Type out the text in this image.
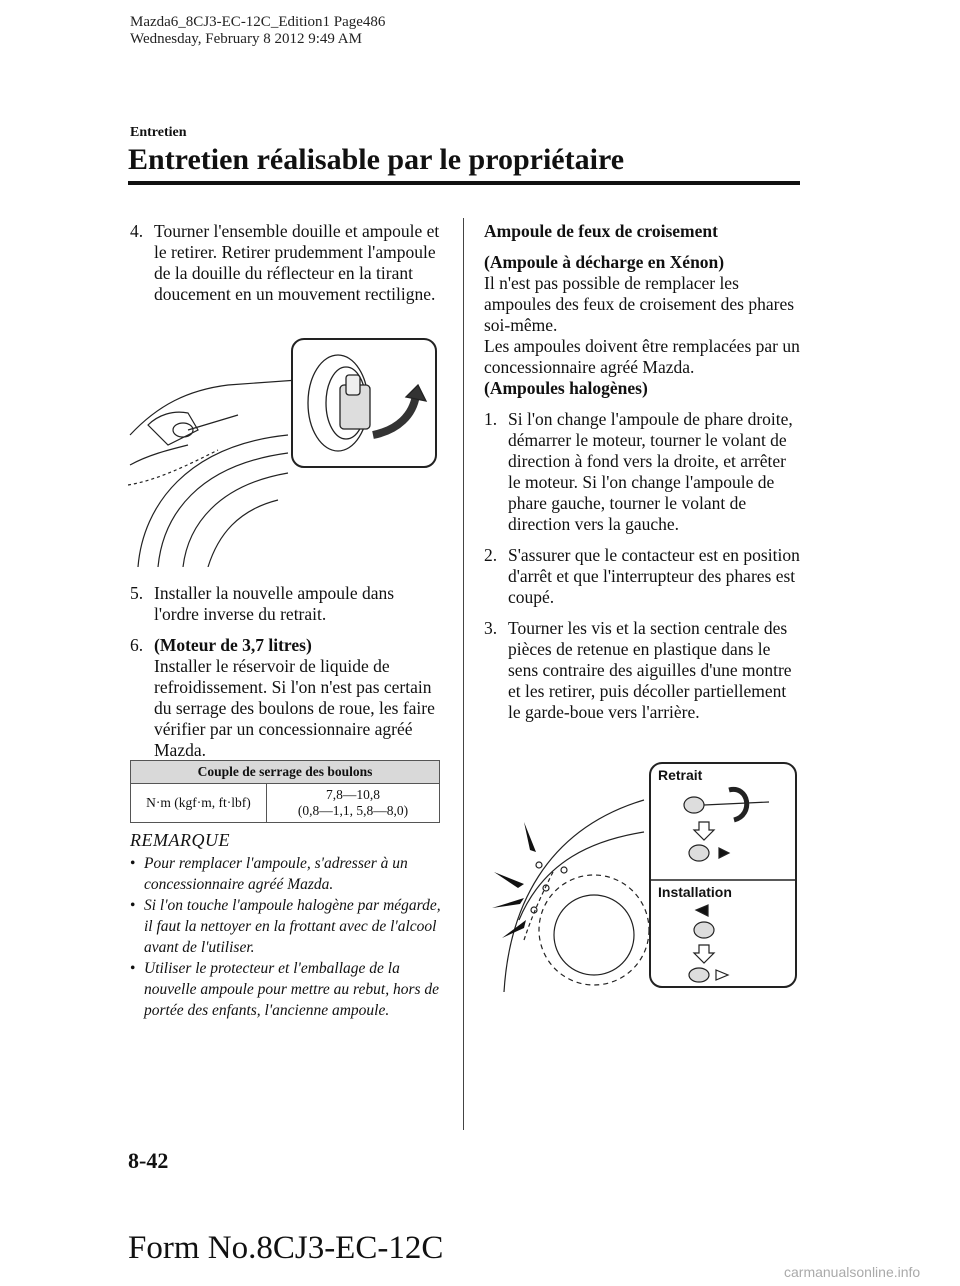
Mazda6_8CJ3-EC-12C_Edition1 Page486
Wednesday, February 8 2012 9:49 AM
Entretien
Entretien réalisable par le propriétaire
4. Tourner l'ensemble douille et ampoule et le retirer. Retirer prudemment l'ampoule de la douille du réflecteur en la tirant doucement en un mouvement rectiligne.
5. Installer la nouvelle ampoule dans l'ordre inverse du retrait.
6. (Moteur de 3,7 litres)
Installer le réservoir de liquide de refroidissement. Si l'on n'est pas certain du serrage des boulons de roue, les faire vérifier par un concessionnaire agréé Mazda.
Couple de serrage des boulons
N·m (kgf·m, ft·lbf)	7,8―10,8
(0,8―1,1, 5,8―8,0)
REMARQUE
• Pour remplacer l'ampoule, s'adresser à un concessionnaire agréé Mazda.
• Si l'on touche l'ampoule halogène par mégarde, il faut la nettoyer en la frottant avec de l'alcool avant de l'utiliser.
• Utiliser le protecteur et l'emballage de la nouvelle ampoule pour mettre au rebut, hors de portée des enfants, l'ancienne ampoule.
Ampoule de feux de croisement
(Ampoule à décharge en Xénon)
Il n'est pas possible de remplacer les ampoules des feux de croisement des phares soi-même.
Les ampoules doivent être remplacées par un concessionnaire agréé Mazda.
(Ampoules halogènes)
1. Si l'on change l'ampoule de phare droite, démarrer le moteur, tourner le volant de direction à fond vers la droite, et arrêter le moteur. Si l'on change l'ampoule de phare gauche, tourner le volant de direction vers la gauche.
2. S'assurer que le contacteur est en position d'arrêt et que l'interrupteur des phares est coupé.
3. Tourner les vis et la section centrale des pièces de retenue en plastique dans le sens contraire des aiguilles d'une montre et les retirer, puis décoller partiellement le garde-boue vers l'arrière.
Retrait
Installation
8-42
Form No.8CJ3-EC-12C
carmanualsonline.info
